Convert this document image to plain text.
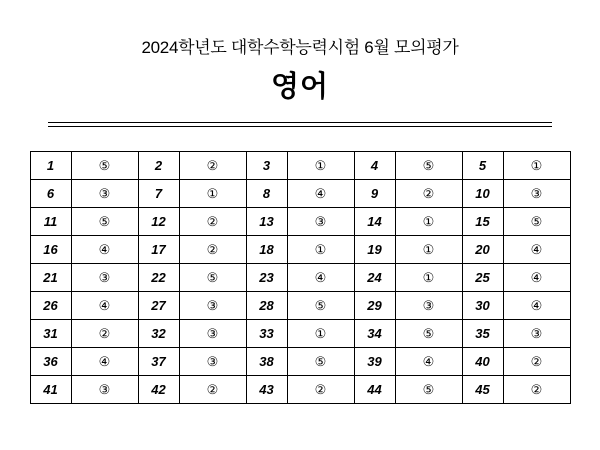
2024학년도 대학수학능력시험 6월 모의평가
영어
1	⑤	2	②	3	①	4	⑤	5	①
6	③	7	①	8	④	9	②	10	③
11	⑤	12	②	13	③	14	①	15	⑤
16	④	17	②	18	①	19	①	20	④
21	③	22	⑤	23	④	24	①	25	④
26	④	27	③	28	⑤	29	③	30	④
31	②	32	③	33	①	34	⑤	35	③
36	④	37	③	38	⑤	39	④	40	②
41	③	42	②	43	②	44	⑤	45	②
